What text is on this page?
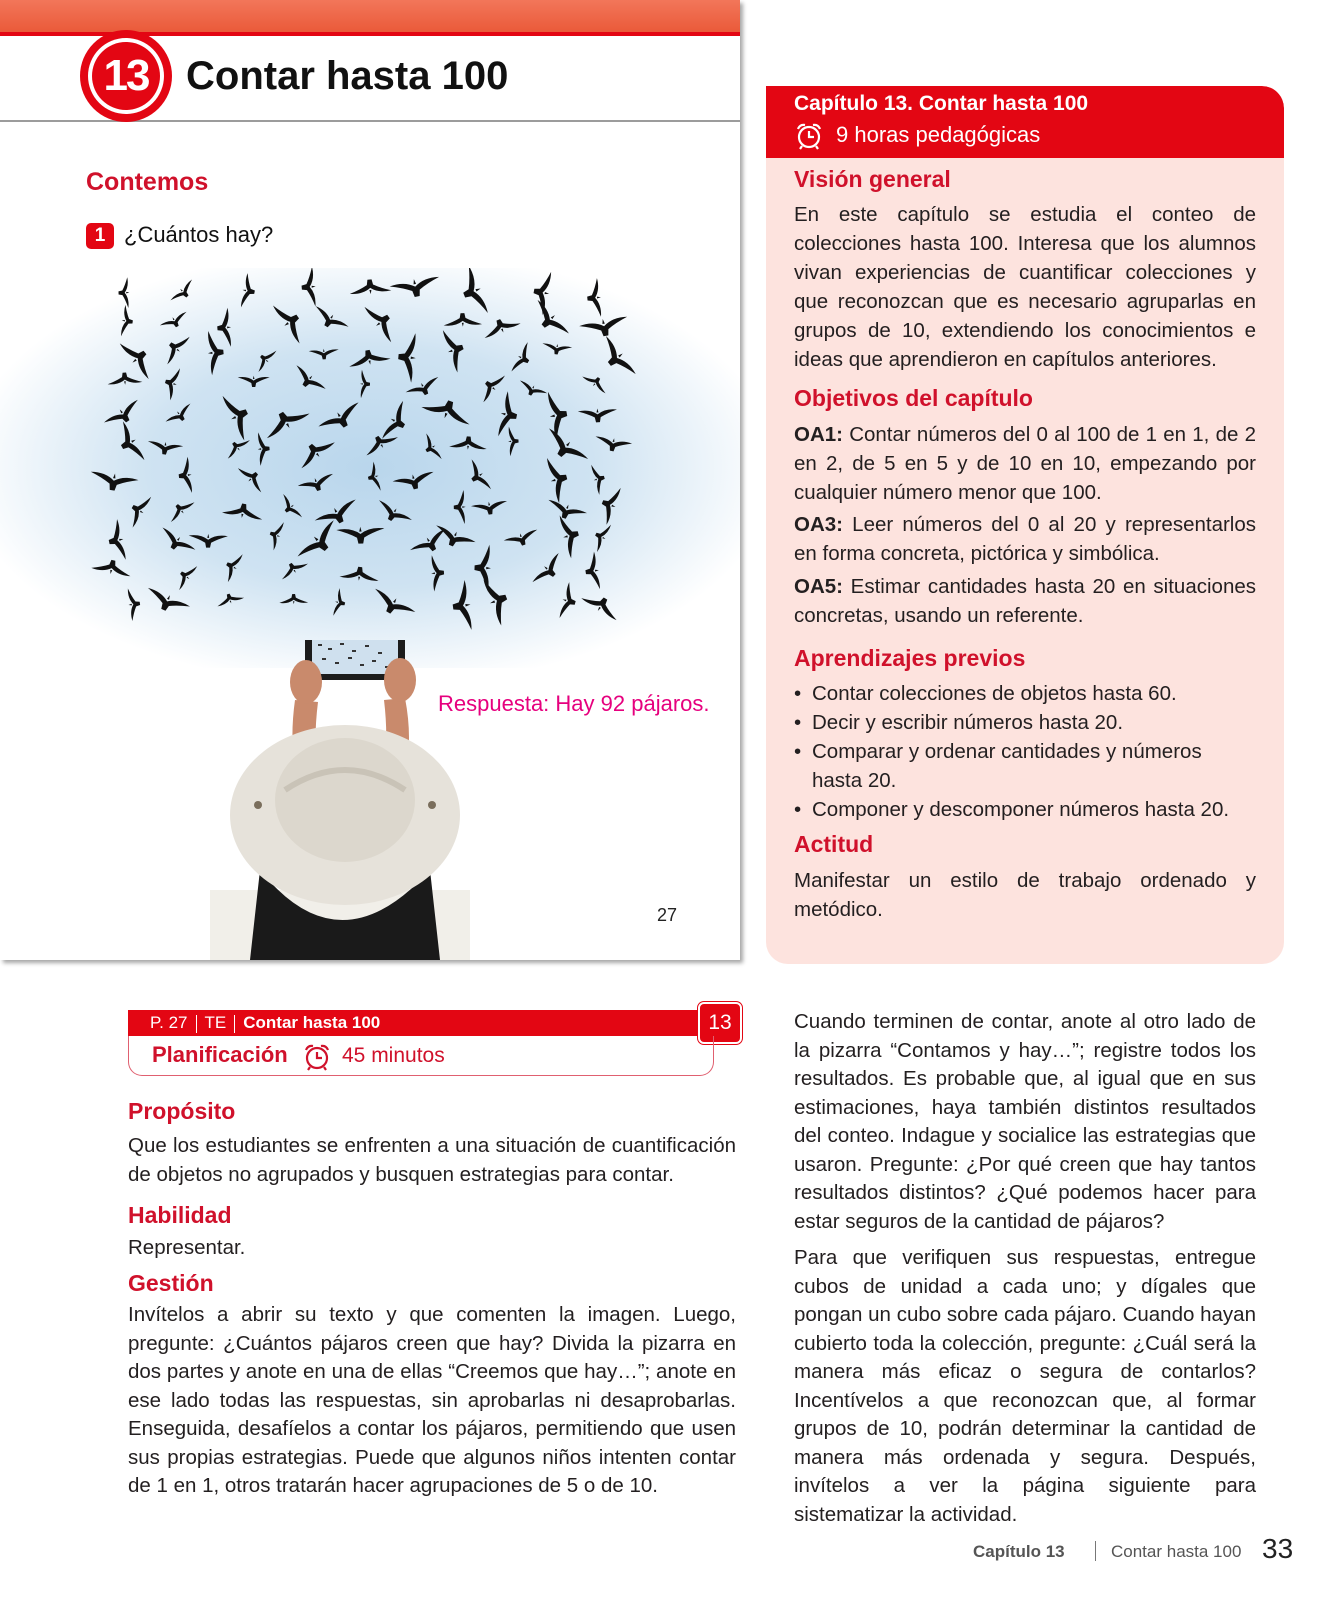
13 Contar hasta 100
Contemos
1 ¿Cuántos hay?
Respuesta: Hay 92 pájaros.
27
Capítulo 13. Contar hasta 100
9 horas pedagógicas
Visión general

En este capítulo se estudia el conteo de colecciones hasta 100. Interesa que los alumnos vivan experiencias de cuantificar colecciones y que reconozcan que es necesario agruparlas en grupos de 10, extendiendo los conocimientos e ideas que aprendieron en capítulos anteriores.

Objetivos del capítulo

OA1: Contar números del 0 al 100 de 1 en 1, de 2 en 2, de 5 en 5 y de 10 en 10, empezando por cualquier número menor que 100.

OA3: Leer números del 0 al 20 y representarlos en forma concreta, pictórica y simbólica.

OA5: Estimar cantidades hasta 20 en situaciones concretas, usando un referente.

Aprendizajes previos
• Contar colecciones de objetos hasta 60.
• Decir y escribir números hasta 20.
• Comparar y ordenar cantidades y números hasta 20.
• Componer y descomponer números hasta 20.
Actitud

Manifestar un estilo de trabajo ordenado y metódico.

P. 27 TE Contar hasta 100	13
Planificación	45 minutos
Propósito

Que los estudiantes se enfrenten a una situación de cuantificación de objetos no agrupados y busquen estrategias para contar.

Habilidad

Representar.

Gestión

Invítelos a abrir su texto y que comenten la imagen. Luego, pregunte: ¿Cuántos pájaros creen que hay? Divida la pizarra en dos partes y anote en una de ellas “Creemos que hay…”; anote en ese lado todas las respuestas, sin aprobarlas ni desaprobarlas. Enseguida, desafíelos a contar los pájaros, permitiendo que usen sus propias estrategias. Puede que algunos niños intenten contar de 1 en 1, otros tratarán hacer agrupaciones de 5 o de 10.

Cuando terminen de contar, anote al otro lado de la pizarra “Contamos y hay…”; registre todos los resultados. Es probable que, al igual que en sus estimaciones, haya también distintos resultados del conteo. Indague y socialice las estrategias que usaron. Pregunte: ¿Por qué creen que hay tantos resultados distintos? ¿Qué podemos hacer para estar seguros de la cantidad de pájaros?

Para que verifiquen sus respuestas, entregue cubos de unidad a cada uno; y dígales que pongan un cubo sobre cada pájaro. Cuando hayan cubierto toda la colección, pregunte: ¿Cuál será la manera más eficaz o segura de contarlos? Incentívelos a que reconozcan que, al formar grupos de 10, podrán determinar la cantidad de manera más ordenada y segura. Después, invítelos a ver la página siguiente para sistematizar la actividad.

Capítulo 13	Contar hasta 100 33
